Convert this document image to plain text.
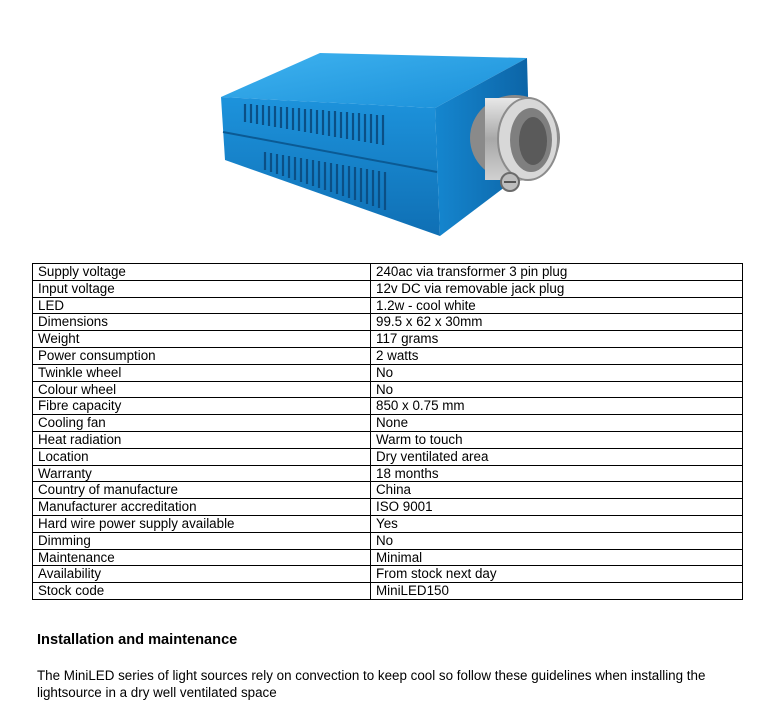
Supply voltage	240ac via transformer 3 pin plug
Input voltage	12v DC via removable jack plug
LED	1.2w - cool white
Dimensions	99.5 x 62 x 30mm
Weight	117 grams
Power consumption	2 watts
Twinkle wheel	No
Colour wheel	No
Fibre capacity	850 x 0.75 mm
Cooling fan	None
Heat radiation	Warm to touch
Location	Dry ventilated area
Warranty	18 months
Country of manufacture	China
Manufacturer accreditation	ISO 9001
Hard wire power supply available	Yes
Dimming	No
Maintenance	Minimal
Availability	From stock next day
Stock code	MiniLED150
Installation and maintenance

The MiniLED series of light sources rely on convection to keep cool so follow these guidelines when installing the lightsource in a dry well ventilated space
